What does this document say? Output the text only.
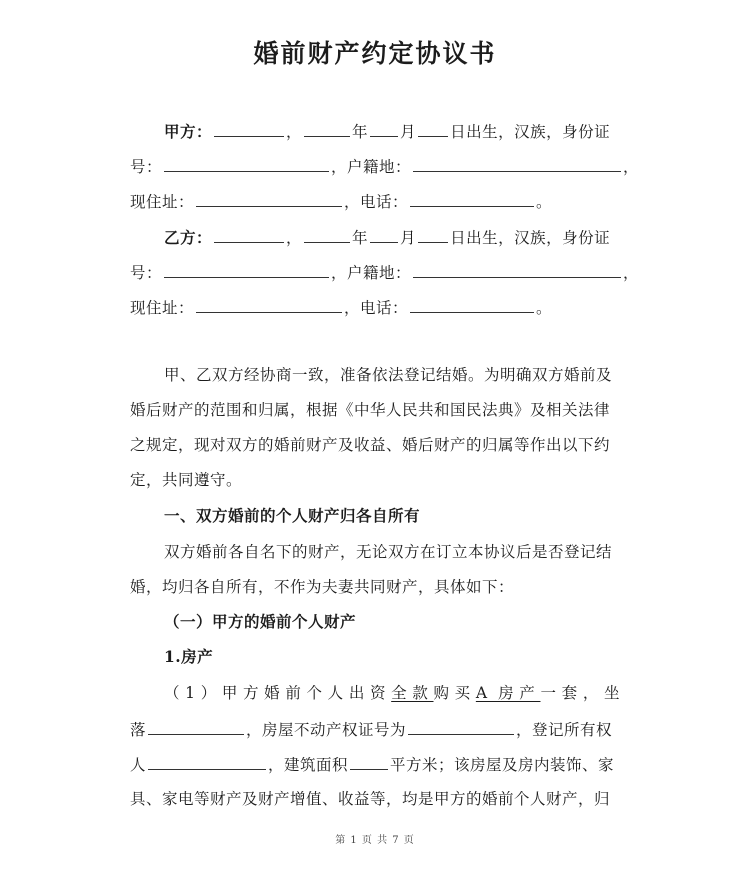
婚前财产约定协议书
甲方：	，	年 月 日出生，汉族，身份证
号：	，户籍地：	，
现住址：	，电话：	。
乙方：	，	年 月 日出生，汉族，身份证
号：	，户籍地：	，
现住址：	，电话：	。
甲、乙双方经协商一致，准备依法登记结婚。为明确双方婚前及
婚后财产的范围和归属，根据《中华人民共和国民法典》及相关法律
之规定，现对双方的婚前财产及收益、婚后财产的归属等作出以下约
定，共同遵守。
一、双方婚前的个人财产归各自所有
双方婚前各自名下的财产，无论双方在订立本协议后是否登记结
婚，均归各自所有，不作为夫妻共同财产，具体如下：
（一）甲方的婚前个人财产
1.房产
（1）甲方婚前个人出资全款购买A 房产一套，坐
落	，房屋不动产权证号为	，登记所有权
人	，建筑面积	平方米；该房屋及房内装饰、家
具、家电等财产及财产增值、收益等，均是甲方的婚前个人财产，归
第 1 页 共 7 页
